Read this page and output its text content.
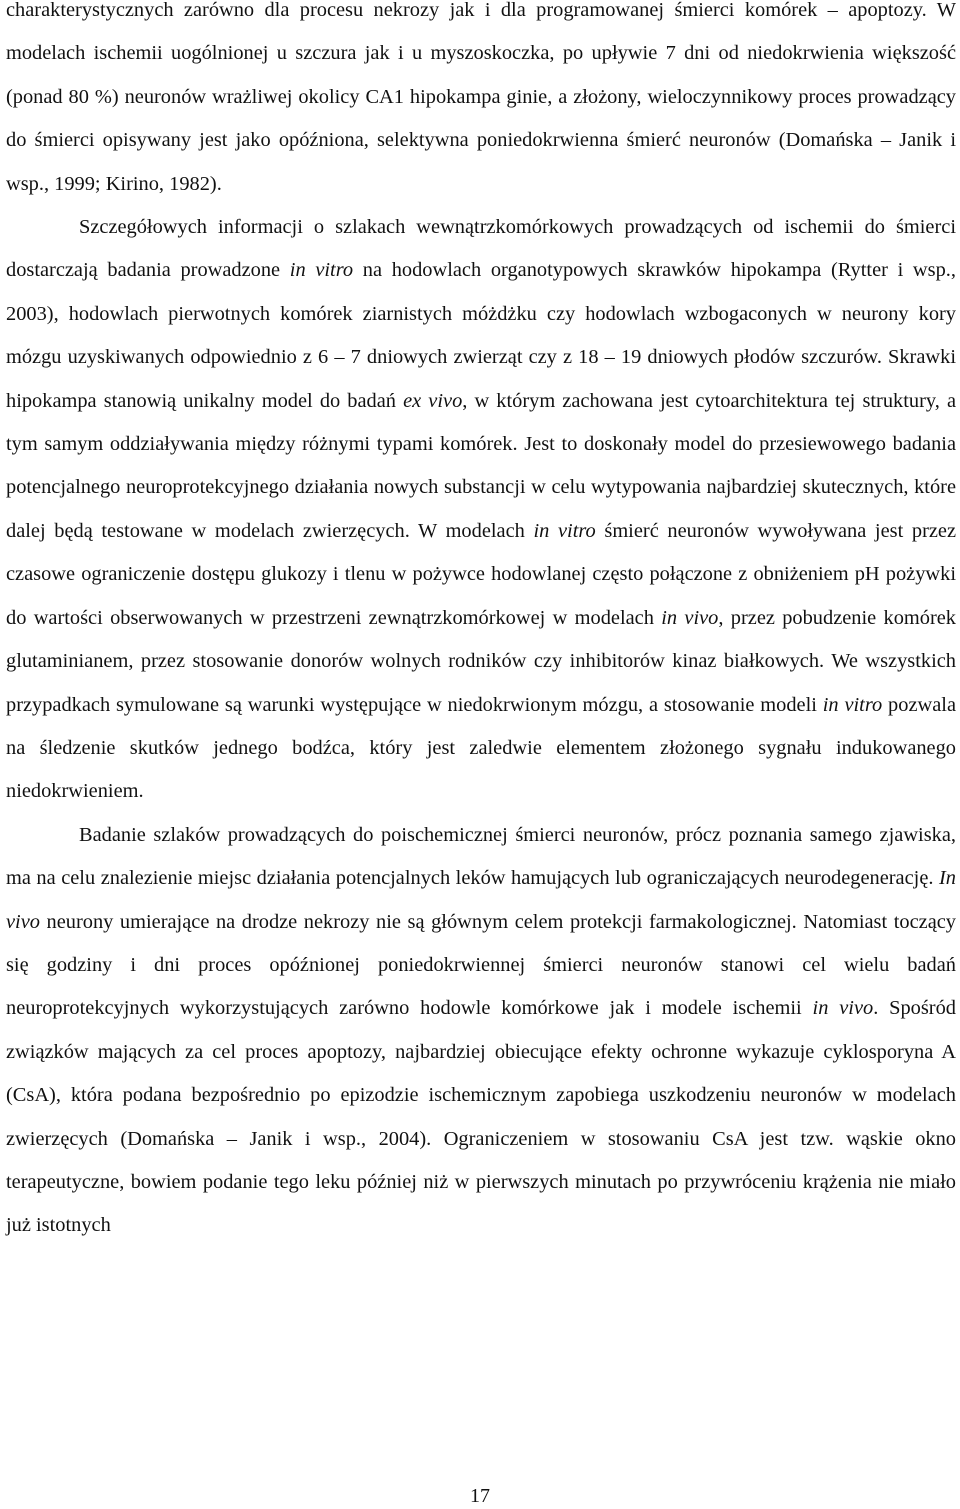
charakterystycznych zarówno dla procesu nekrozy jak i dla programowanej śmierci komórek – apoptozy. W modelach ischemii uogólnionej u szczura jak i u myszoskoczka, po upływie 7 dni od niedokrwienia większość (ponad 80 %) neuronów wrażliwej okolicy CA1 hipokampa ginie, a złożony, wieloczynnikowy proces prowadzący do śmierci opisywany jest jako opóźniona, selektywna poniedokrwienna śmierć neuronów (Domańska – Janik i wsp., 1999; Kirino, 1982).

Szczegółowych informacji o szlakach wewnątrzkomórkowych prowadzących od ischemii do śmierci dostarczają badania prowadzone in vitro na hodowlach organotypowych skrawków hipokampa (Rytter i wsp., 2003), hodowlach pierwotnych komórek ziarnistych móżdżku czy hodowlach wzbogaconych w neurony kory mózgu uzyskiwanych odpowiednio z 6 – 7 dniowych zwierząt czy z 18 – 19 dniowych płodów szczurów. Skrawki hipokampa stanowią unikalny model do badań ex vivo, w którym zachowana jest cytoarchitektura tej struktury, a tym samym oddziaływania między różnymi typami komórek. Jest to doskonały model do przesiewowego badania potencjalnego neuroprotekcyjnego działania nowych substancji w celu wytypowania najbardziej skutecznych, które dalej będą testowane w modelach zwierzęcych. W modelach in vitro śmierć neuronów wywoływana jest przez czasowe ograniczenie dostępu glukozy i tlenu w pożywce hodowlanej często połączone z obniżeniem pH pożywki do wartości obserwowanych w przestrzeni zewnątrzkomórkowej w modelach in vivo, przez pobudzenie komórek glutaminianem, przez stosowanie donorów wolnych rodników czy inhibitorów kinaz białkowych. We wszystkich przypadkach symulowane są warunki występujące w niedokrwionym mózgu, a stosowanie modeli in vitro pozwala na śledzenie skutków jednego bodźca, który jest zaledwie elementem złożonego sygnału indukowanego niedokrwieniem.

Badanie szlaków prowadzących do poischemicznej śmierci neuronów, prócz poznania samego zjawiska, ma na celu znalezienie miejsc działania potencjalnych leków hamujących lub ograniczających neurodegenerację. In vivo neurony umierające na drodze nekrozy nie są głównym celem protekcji farmakologicznej. Natomiast toczący się godziny i dni proces opóźnionej poniedokrwiennej śmierci neuronów stanowi cel wielu badań neuroprotekcyjnych wykorzystujących zarówno hodowle komórkowe jak i modele ischemii in vivo. Spośród związków mających za cel proces apoptozy, najbardziej obiecujące efekty ochronne wykazuje cyklosporyna A (CsA), która podana bezpośrednio po epizodzie ischemicznym zapobiega uszkodzeniu neuronów w modelach zwierzęcych (Domańska – Janik i wsp., 2004). Ograniczeniem w stosowaniu CsA jest tzw. wąskie okno terapeutyczne, bowiem podanie tego leku później niż w pierwszych minutach po przywróceniu krążenia nie miało już istotnych

17
